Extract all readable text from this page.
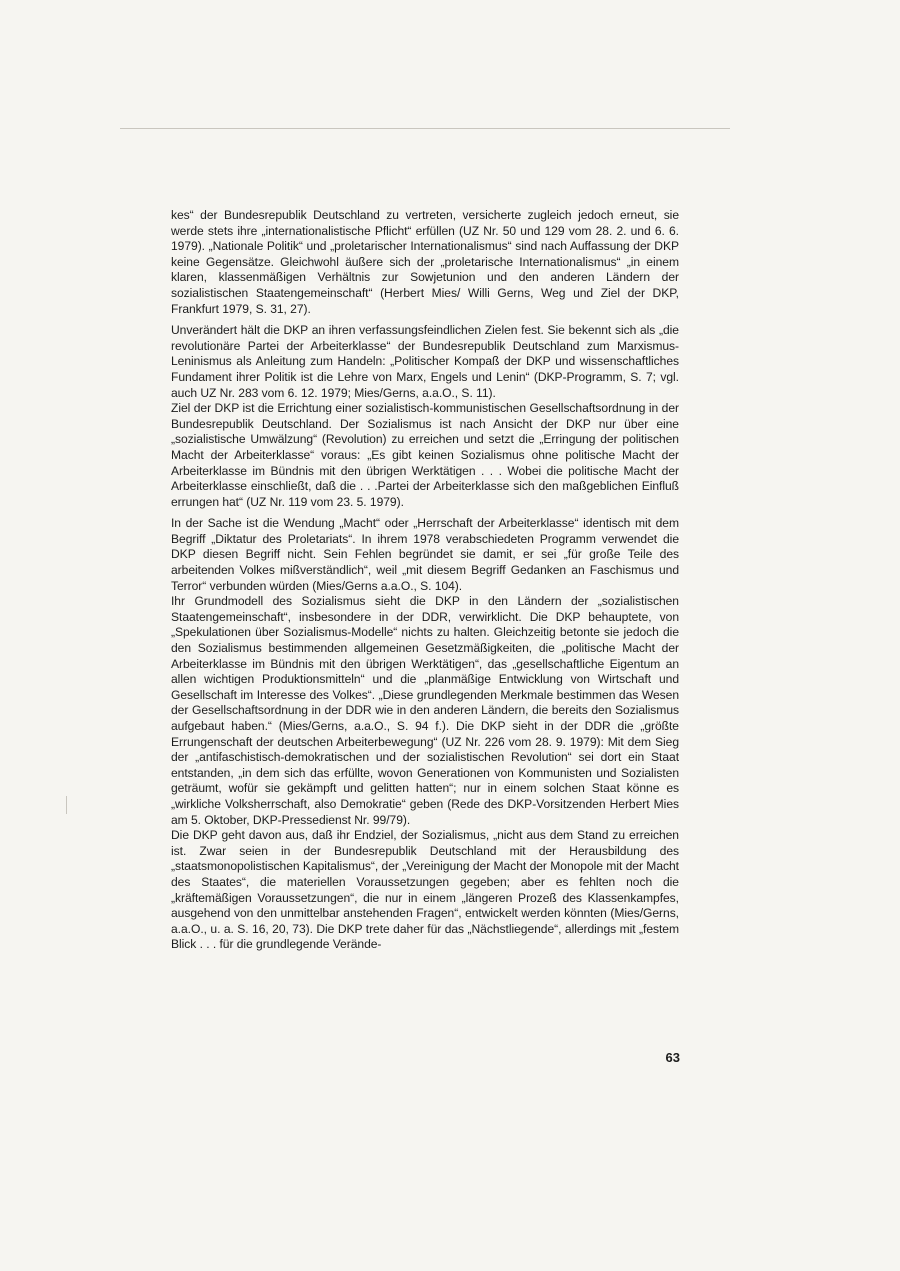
kes“ der Bundesrepublik Deutschland zu vertreten, versicherte zugleich jedoch erneut, sie werde stets ihre „internationalistische Pflicht“ erfüllen (UZ Nr. 50 und 129 vom 28. 2. und 6. 6. 1979). „Nationale Politik“ und „proletarischer Internationalismus“ sind nach Auffassung der DKP keine Gegensätze. Gleichwohl äußere sich der „proletarische Internationalismus“ „in einem klaren, klassenmäßigen Verhältnis zur Sowjetunion und den anderen Ländern der sozialistischen Staatengemeinschaft“ (Herbert Mies/ Willi Gerns, Weg und Ziel der DKP, Frankfurt 1979, S. 31, 27).

Unverändert hält die DKP an ihren verfassungsfeindlichen Zielen fest. Sie bekennt sich als „die revolutionäre Partei der Arbeiterklasse“ der Bundesrepublik Deutschland zum Marxismus-Leninismus als Anleitung zum Handeln: „Politischer Kompaß der DKP und wissenschaftliches Fundament ihrer Politik ist die Lehre von Marx, Engels und Lenin“ (DKP-Programm, S. 7; vgl. auch UZ Nr. 283 vom 6. 12. 1979; Mies/Gerns, a.a.O., S. 11).

Ziel der DKP ist die Errichtung einer sozialistisch-kommunistischen Gesellschaftsordnung in der Bundesrepublik Deutschland. Der Sozialismus ist nach Ansicht der DKP nur über eine „sozialistische Umwälzung“ (Revolution) zu erreichen und setzt die „Erringung der politischen Macht der Arbeiterklasse“ voraus: „Es gibt keinen Sozialismus ohne politische Macht der Arbeiterklasse im Bündnis mit den übrigen Werktätigen . . . Wobei die politische Macht der Arbeiterklasse einschließt, daß die . . .Partei der Arbeiterklasse sich den maßgeblichen Einfluß errungen hat“ (UZ Nr. 119 vom 23. 5. 1979).

In der Sache ist die Wendung „Macht“ oder „Herrschaft der Arbeiterklasse“ identisch mit dem Begriff „Diktatur des Proletariats“. In ihrem 1978 verabschiedeten Programm verwendet die DKP diesen Begriff nicht. Sein Fehlen begründet sie damit, er sei „für große Teile des arbeitenden Volkes mißverständlich“, weil „mit diesem Begriff Gedanken an Faschismus und Terror“ verbunden würden (Mies/Gerns a.a.O., S. 104).

Ihr Grundmodell des Sozialismus sieht die DKP in den Ländern der „sozialistischen Staatengemeinschaft“, insbesondere in der DDR, verwirklicht. Die DKP behauptete, von „Spekulationen über Sozialismus-Modelle“ nichts zu halten. Gleichzeitig betonte sie jedoch die den Sozialismus bestimmenden allgemeinen Gesetzmäßigkeiten, die „politische Macht der Arbeiterklasse im Bündnis mit den übrigen Werktätigen“, das „gesellschaftliche Eigentum an allen wichtigen Produktionsmitteln“ und die „planmäßige Entwicklung von Wirtschaft und Gesellschaft im Interesse des Volkes“. „Diese grundlegenden Merkmale bestimmen das Wesen der Gesellschaftsordnung in der DDR wie in den anderen Ländern, die bereits den Sozialismus aufgebaut haben.“ (Mies/Gerns, a.a.O., S. 94 f.). Die DKP sieht in der DDR die „größte Errungenschaft der deutschen Arbeiterbewegung“ (UZ Nr. 226 vom 28. 9. 1979): Mit dem Sieg der „antifaschistisch-demokratischen und der sozialistischen Revolution“ sei dort ein Staat entstanden, „in dem sich das erfüllte, wovon Generationen von Kommunisten und Sozialisten geträumt, wofür sie gekämpft und gelitten hatten“; nur in einem solchen Staat könne es „wirkliche Volksherrschaft, also Demokratie“ geben (Rede des DKP-Vorsitzenden Herbert Mies am 5. Oktober, DKP-Pressedienst Nr. 99/79).

Die DKP geht davon aus, daß ihr Endziel, der Sozialismus, „nicht aus dem Stand zu erreichen ist. Zwar seien in der Bundesrepublik Deutschland mit der Herausbildung des „staatsmonopolistischen Kapitalismus“, der „Vereinigung der Macht der Monopole mit der Macht des Staates“, die materiellen Voraussetzungen gegeben; aber es fehlten noch die „kräftemäßigen Voraussetzungen“, die nur in einem „längeren Prozeß des Klassenkampfes, ausgehend von den unmittelbar anstehenden Fragen“, entwickelt werden könnten (Mies/Gerns, a.a.O., u. a. S. 16, 20, 73). Die DKP trete daher für das „Nächstliegende“, allerdings mit „festem Blick . . . für die grundlegende Verände-

63
